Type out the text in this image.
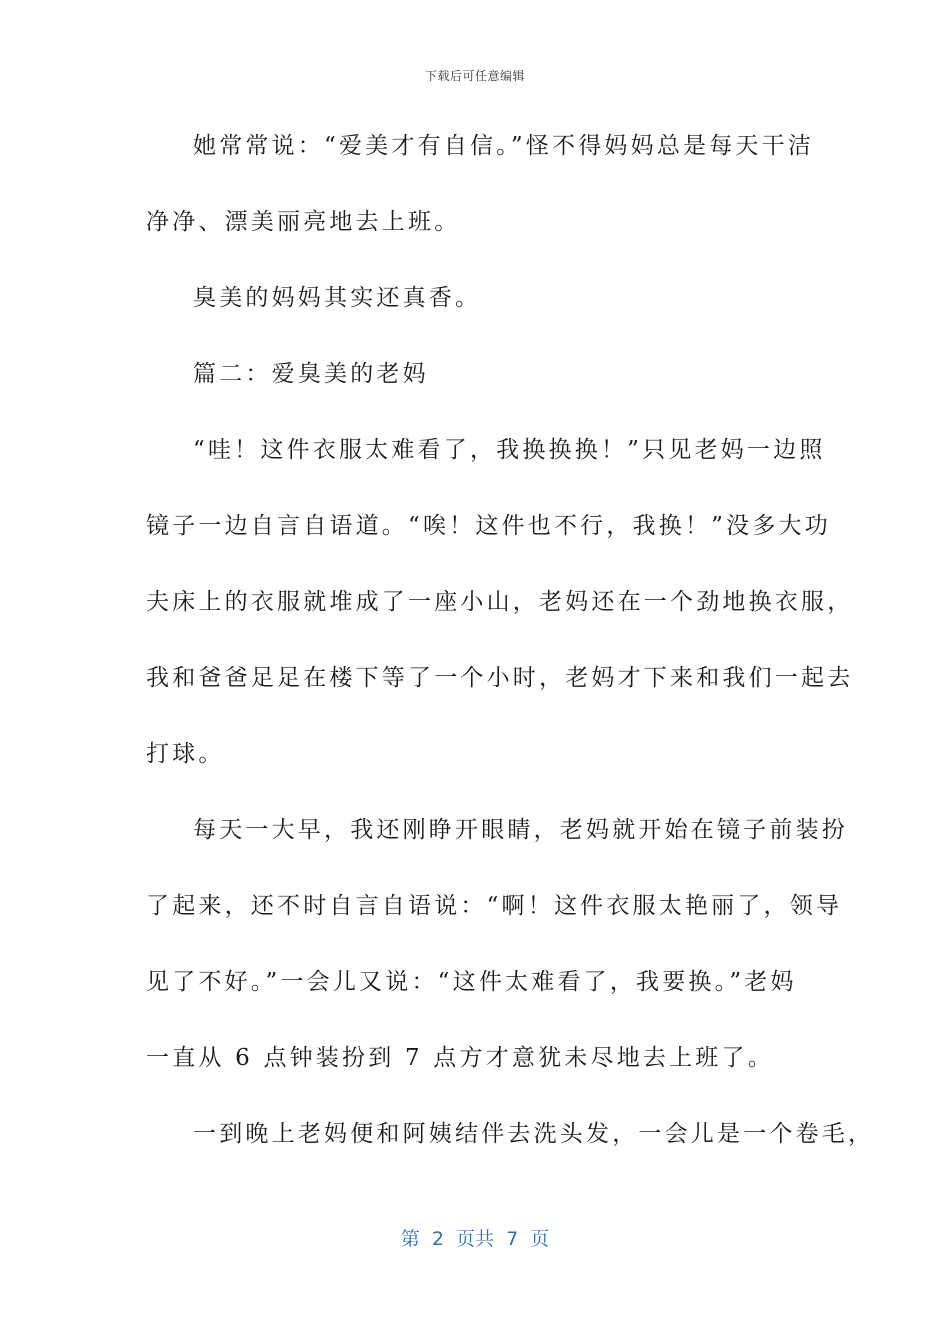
下载后可任意编辑
她常常说：“爱美才有自信。”怪不得妈妈总是每天干洁
净净、漂美丽亮地去上班。
臭美的妈妈其实还真香。
篇二：爱臭美的老妈
“哇！这件衣服太难看了，我换换换！”只见老妈一边照
镜子一边自言自语道。“唉！这件也不行，我换！”没多大功
夫床上的衣服就堆成了一座小山，老妈还在一个劲地换衣服，
我和爸爸足足在楼下等了一个小时，老妈才下来和我们一起去
打球。
每天一大早，我还刚睁开眼睛，老妈就开始在镜子前装扮
了起来，还不时自言自语说：“啊！这件衣服太艳丽了，领导
见了不好。”一会儿又说：“这件太难看了，我要换。”老妈
一直从 6 点钟装扮到 7 点方才意犹未尽地去上班了。
一到晚上老妈便和阿姨结伴去洗头发，一会儿是一个卷毛，
第  2  页共  7  页
